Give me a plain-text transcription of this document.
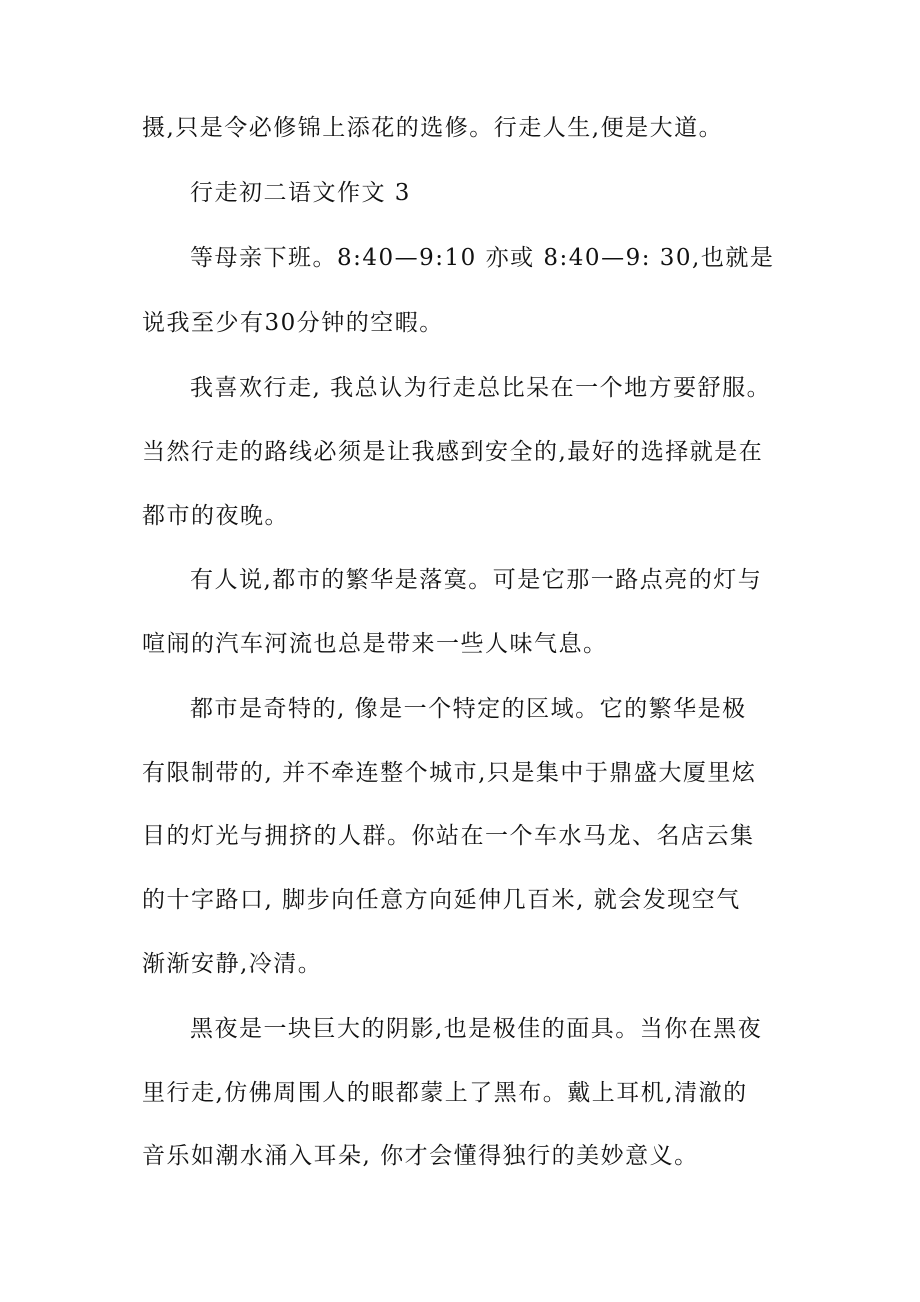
摄,只是令必修锦上添花的选修。行走人生,便是大道。
行走初二语文作文 3
等母亲下班。8:40—9:10 亦或 8:40—9: 30,也就是
说我至少有30分钟的空暇。
我喜欢行走, 我总认为行走总比呆在一个地方要舒服。
当然行走的路线必须是让我感到安全的,最好的选择就是在
都市的夜晚。
有人说,都市的繁华是落寞。可是它那一路点亮的灯与
喧闹的汽车河流也总是带来一些人味气息。
都市是奇特的, 像是一个特定的区域。它的繁华是极
有限制带的, 并不牵连整个城市,只是集中于鼎盛大厦里炫
目的灯光与拥挤的人群。你站在一个车水马龙、名店云集
的十字路口, 脚步向任意方向延伸几百米, 就会发现空气
渐渐安静,冷清。
黑夜是一块巨大的阴影,也是极佳的面具。当你在黑夜
里行走,仿佛周围人的眼都蒙上了黑布。戴上耳机,清澈的
音乐如潮水涌入耳朵, 你才会懂得独行的美妙意义。
